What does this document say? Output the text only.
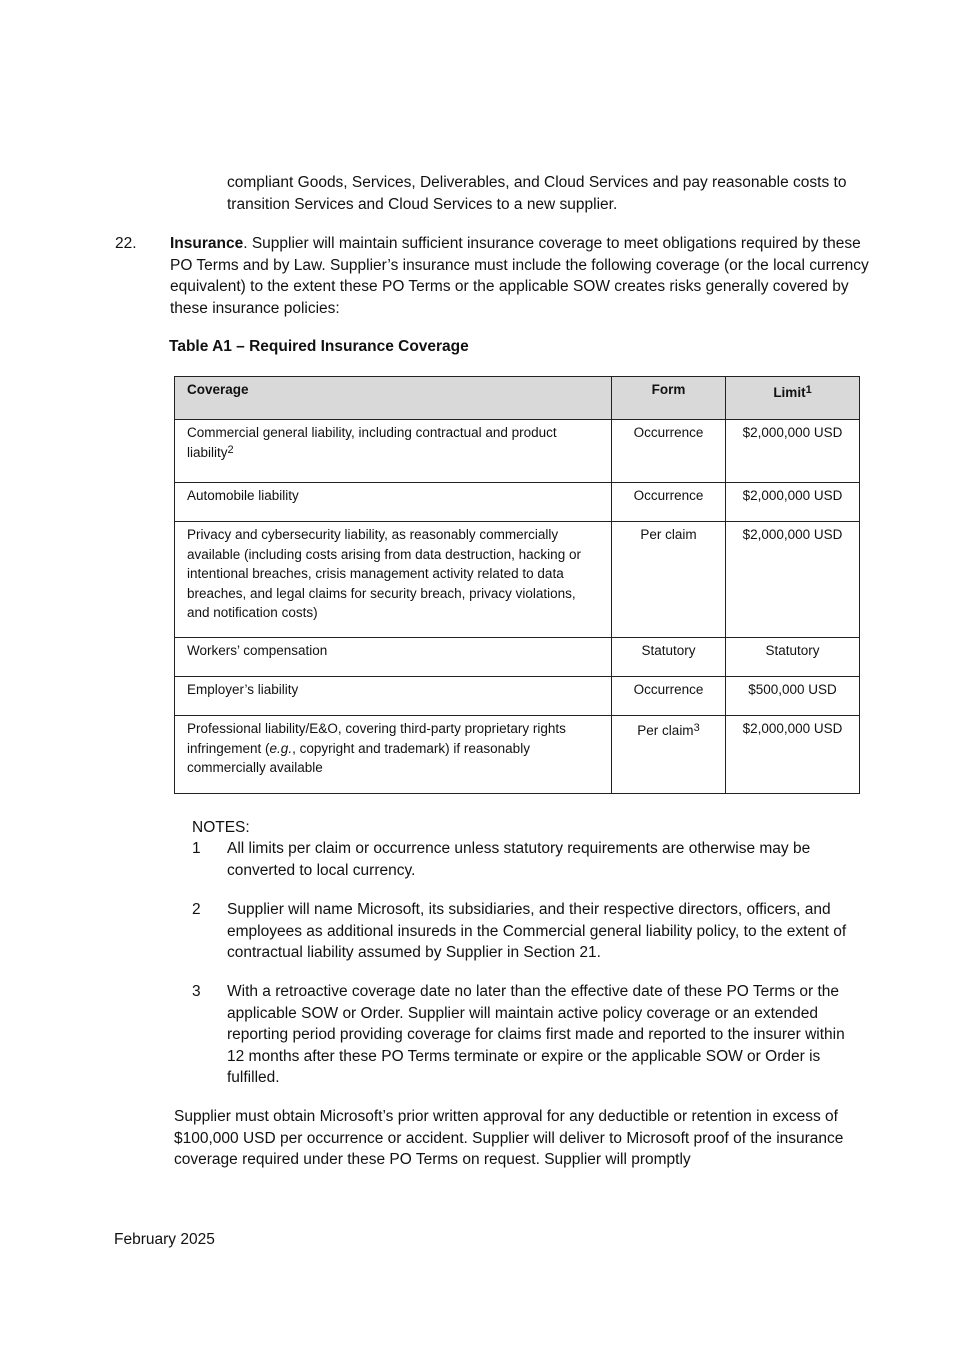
compliant Goods, Services, Deliverables, and Cloud Services and pay reasonable costs to transition Services and Cloud Services to a new supplier.
22. Insurance. Supplier will maintain sufficient insurance coverage to meet obligations required by these PO Terms and by Law. Supplier’s insurance must include the following coverage (or the local currency equivalent) to the extent these PO Terms or the applicable SOW creates risks generally covered by these insurance policies:
Table A1 – Required Insurance Coverage
Coverage	Form	Limit$^1$
Commercial general liability, including contractual and product liability$^2$	Occurrence	$2,000,000 USD
Automobile liability	Occurrence	$2,000,000 USD
Privacy and cybersecurity liability, as reasonably commercially available (including costs arising from data destruction, hacking or intentional breaches, crisis management activity related to data breaches, and legal claims for security breach, privacy violations, and notification costs)	Per claim	$2,000,000 USD
Workers’ compensation	Statutory	Statutory
Employer’s liability	Occurrence	$500,000 USD
Professional liability/E&O, covering third-party proprietary rights infringement (e.g., copyright and trademark) if reasonably commercially available	Per claim$^3$	$2,000,000 USD
NOTES:
1 All limits per claim or occurrence unless statutory requirements are otherwise may be converted to local currency.
2 Supplier will name Microsoft, its subsidiaries, and their respective directors, officers, and employees as additional insureds in the Commercial general liability policy, to the extent of contractual liability assumed by Supplier in Section 21.
3 With a retroactive coverage date no later than the effective date of these PO Terms or the applicable SOW or Order. Supplier will maintain active policy coverage or an extended reporting period providing coverage for claims first made and reported to the insurer within 12 months after these PO Terms terminate or expire or the applicable SOW or Order is fulfilled.
Supplier must obtain Microsoft’s prior written approval for any deductible or retention in excess of $100,000 USD per occurrence or accident. Supplier will deliver to Microsoft proof of the insurance coverage required under these PO Terms on request. Supplier will promptly
February 2025
